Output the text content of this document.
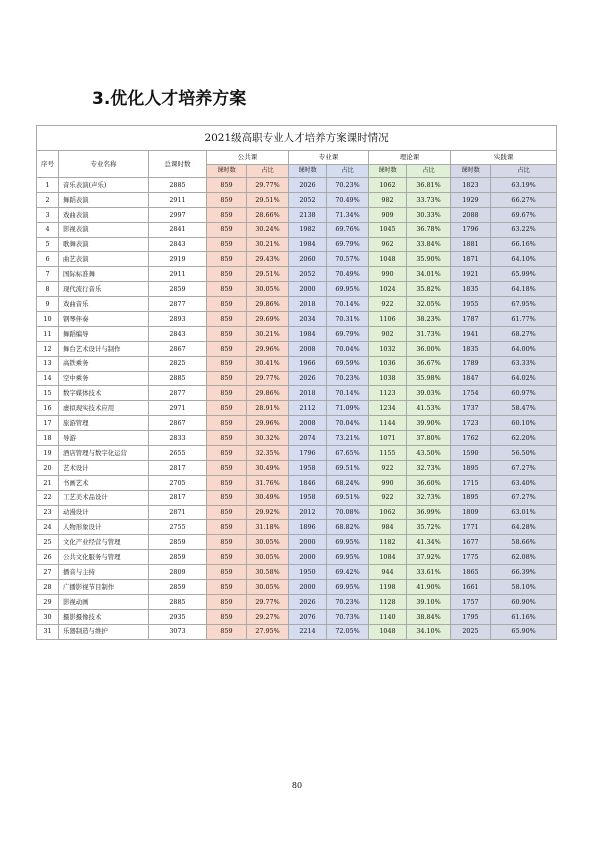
3.优化人才培养方案
2021级高职专业人才培养方案课时情况										
序号	专业名称	总课时数	公共课		专业课		理论课		实践课	
			课时数	占比	课时数	占比	课时数	占比	课时数	占比
1	音乐表演(声乐)	2885	859	29.77%	2026	70.23%	1062	36.81%	1823	63.19%
2	舞蹈表演	2911	859	29.51%	2052	70.49%	982	33.73%	1929	66.27%
3	戏曲表演	2997	859	28.66%	2138	71.34%	909	30.33%	2088	69.67%
4	影视表演	2841	859	30.24%	1982	69.76%	1045	36.78%	1796	63.22%
5	歌舞表演	2843	859	30.21%	1984	69.79%	962	33.84%	1881	66.16%
6	曲艺表演	2919	859	29.43%	2060	70.57%	1048	35.90%	1871	64.10%
7	国际标准舞	2911	859	29.51%	2052	70.49%	990	34.01%	1921	65.99%
8	现代流行音乐	2859	859	30.05%	2000	69.95%	1024	35.82%	1835	64.18%
9	戏曲音乐	2877	859	29.86%	2018	70.14%	922	32.05%	1955	67.95%
10	钢琴伴奏	2893	859	29.69%	2034	70.31%	1106	38.23%	1787	61.77%
11	舞蹈编导	2843	859	30.21%	1984	69.79%	902	31.73%	1941	68.27%
12	舞台艺术设计与制作	2867	859	29.96%	2008	70.04%	1032	36.00%	1835	64.00%
13	高铁乘务	2825	859	30.41%	1966	69.59%	1036	36.67%	1789	63.33%
14	空中乘务	2885	859	29.77%	2026	70.23%	1038	35.98%	1847	64.02%
15	数字媒体技术	2877	859	29.86%	2018	70.14%	1123	39.03%	1754	60.97%
16	虚拟现实技术应用	2971	859	28.91%	2112	71.09%	1234	41.53%	1737	58.47%
17	旅游管理	2867	859	29.96%	2008	70.04%	1144	39.90%	1723	60.10%
18	导游	2833	859	30.32%	2074	73.21%	1071	37.80%	1762	62.20%
19	酒店管理与数字化运营	2655	859	32.35%	1796	67.65%	1155	43.50%	1590	56.50%
20	艺术设计	2817	859	30.49%	1958	69.51%	922	32.73%	1895	67.27%
21	书画艺术	2705	859	31.76%	1846	68.24%	990	36.60%	1715	63.40%
22	工艺美术品设计	2817	859	30.49%	1958	69.51%	922	32.73%	1895	67.27%
23	动漫设计	2871	859	29.92%	2012	70.08%	1062	36.99%	1809	63.01%
24	人物形象设计	2755	859	31.18%	1896	68.82%	984	35.72%	1771	64.28%
25	文化产业经营与管理	2859	859	30.05%	2000	69.95%	1182	41.34%	1677	58.66%
26	公共文化服务与管理	2859	859	30.05%	2000	69.95%	1084	37.92%	1775	62.08%
27	播音与主持	2809	859	30.58%	1950	69.42%	944	33.61%	1865	66.39%
28	广播影视节目制作	2859	859	30.05%	2000	69.95%	1198	41.90%	1661	58.10%
29	影视动画	2885	859	29.77%	2026	70.23%	1128	39.10%	1757	60.90%
30	摄影摄像技术	2935	859	29.27%	2076	70.73%	1140	38.84%	1795	61.16%
31	乐器制造与维护	3073	859	27.95%	2214	72.05%	1048	34.10%	2025	65.90%
80
